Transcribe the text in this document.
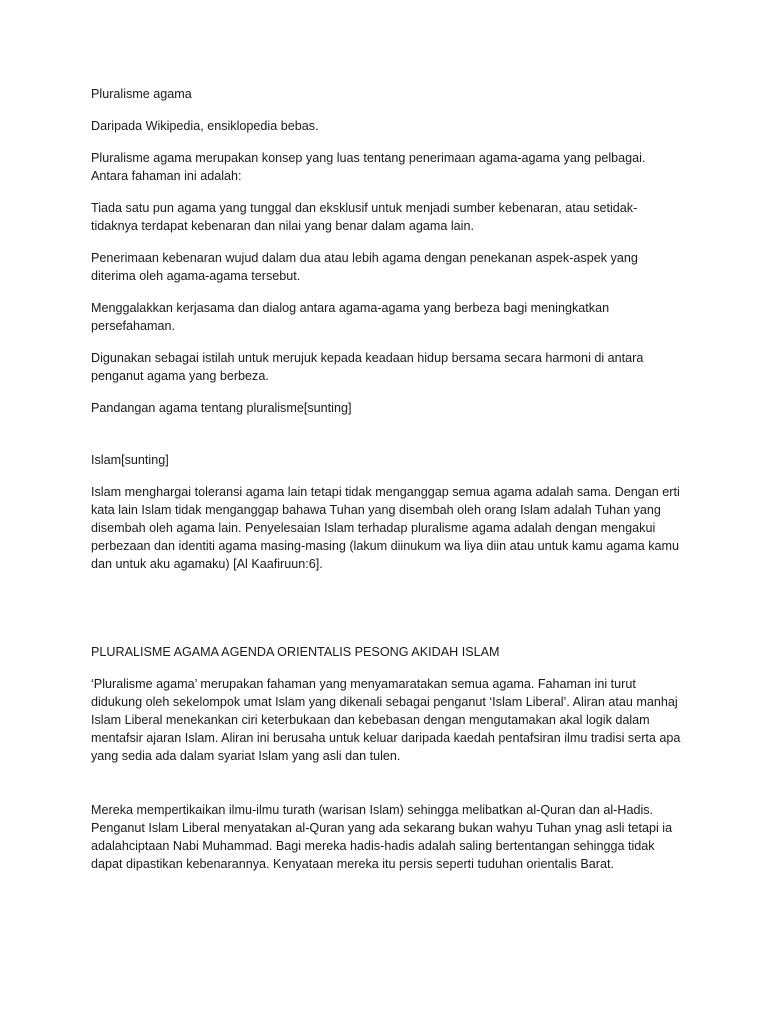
Pluralisme agama

Daripada Wikipedia, ensiklopedia bebas.

Pluralisme agama merupakan konsep yang luas tentang penerimaan agama-agama yang pelbagai. Antara fahaman ini adalah:

Tiada satu pun agama yang tunggal dan eksklusif untuk menjadi sumber kebenaran, atau setidak-tidaknya terdapat kebenaran dan nilai yang benar dalam agama lain.

Penerimaan kebenaran wujud dalam dua atau lebih agama dengan penekanan aspek-aspek yang diterima oleh agama-agama tersebut.

Menggalakkan kerjasama dan dialog antara agama-agama yang berbeza bagi meningkatkan persefahaman.

Digunakan sebagai istilah untuk merujuk kepada keadaan hidup bersama secara harmoni di antara penganut agama yang berbeza.

Pandangan agama tentang pluralisme[sunting]

Islam[sunting]

Islam menghargai toleransi agama lain tetapi tidak menganggap semua agama adalah sama. Dengan erti kata lain Islam tidak menganggap bahawa Tuhan yang disembah oleh orang Islam adalah Tuhan yang disembah oleh agama lain. Penyelesaian Islam terhadap pluralisme agama adalah dengan mengakui perbezaan dan identiti agama masing-masing (lakum diinukum wa liya diin atau untuk kamu agama kamu dan untuk aku agamaku) [Al Kaafiruun:6].

PLURALISME AGAMA AGENDA ORIENTALIS PESONG AKIDAH ISLAM

‘Pluralisme agama’ merupakan fahaman yang menyamaratakan semua agama. Fahaman ini turut didukung oleh sekelompok umat Islam yang dikenali sebagai penganut ‘Islam Liberal’. Aliran atau manhaj Islam Liberal menekankan ciri keterbukaan dan kebebasan dengan mengutamakan akal logik dalam mentafsir ajaran Islam. Aliran ini berusaha untuk keluar daripada kaedah pentafsiran ilmu tradisi serta apa yang sedia ada dalam syariat Islam yang asli dan tulen.

Mereka mempertikaikan ilmu-ilmu turath (warisan Islam) sehingga melibatkan al-Quran dan al-Hadis. Penganut Islam Liberal menyatakan al-Quran yang ada sekarang bukan wahyu Tuhan ynag asli tetapi ia adalahciptaan Nabi Muhammad. Bagi mereka hadis-hadis adalah saling bertentangan sehingga tidak dapat dipastikan kebenarannya. Kenyataan mereka itu persis seperti tuduhan orientalis Barat.
